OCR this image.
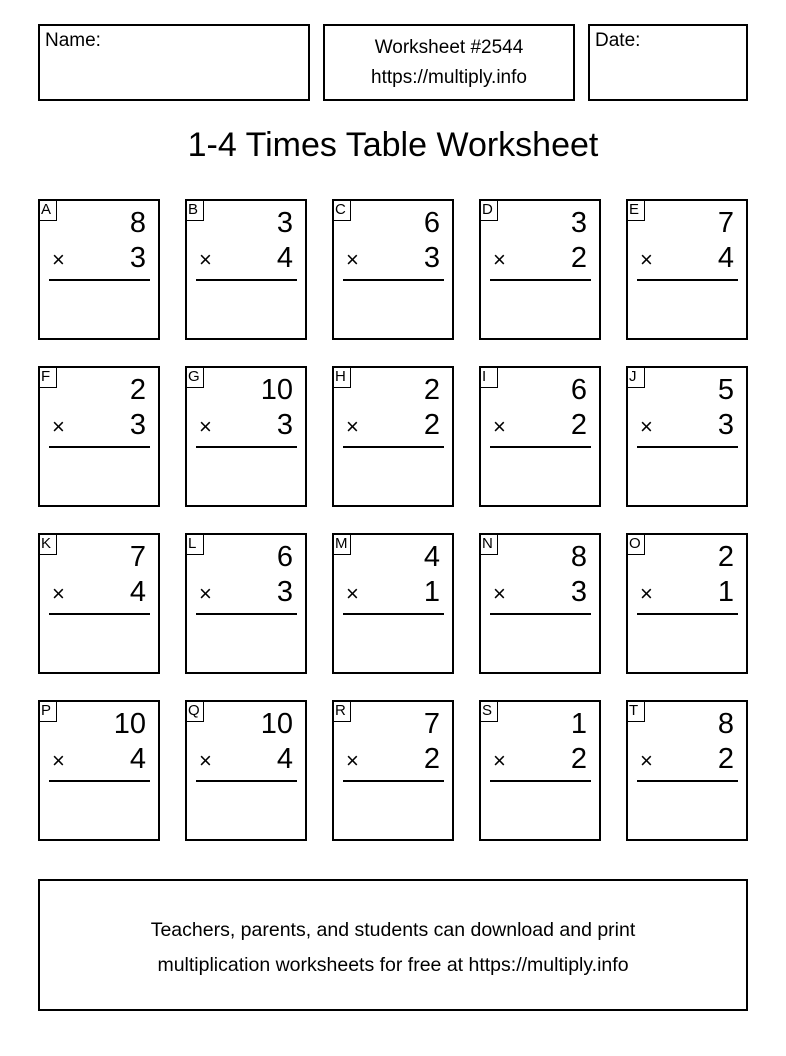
Name:	Worksheet #2544
https://multiply.info
Date:
1-4 Times Table Worksheet
A	8
× 3
B	3
× 4
C	6
× 3
D	3
× 2
E	7
× 4
F	2
× 3
G 10
× 3
H	2
× 2
I	6
× 2
J	5
× 3
K	7
× 4
L	6
× 3
M	4
× 1
N	8
× 3
O	2
× 1
P 10
× 4
Q 10
× 4
R	7
× 2
S	1
× 2
T	8
× 2
Teachers, parents, and students can download and print
multiplication worksheets for free at https://multiply.info
